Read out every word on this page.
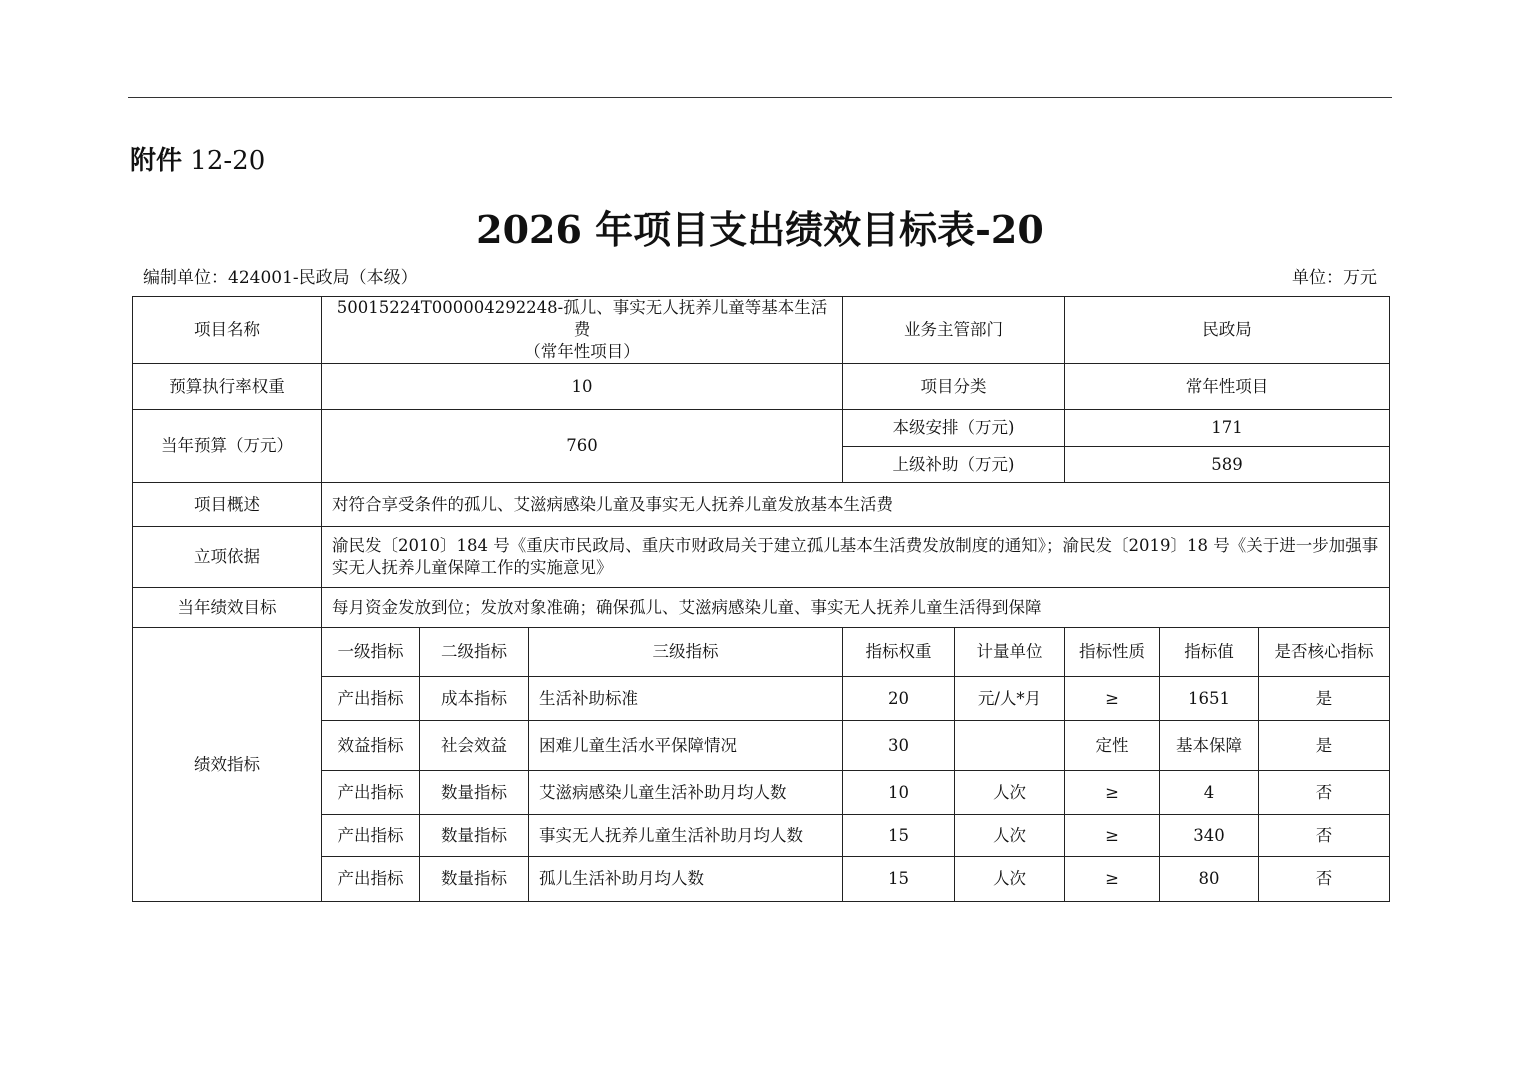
附件 12-20
2026 年项目支出绩效目标表-20
编制单位：424001-民政局（本级）	单位：万元
项目名称	50015224T000004292248-孤儿、事实无人抚养儿童等基本生活费
（常年性项目）			业务主管部门		民政局		
预算执行率权重	10			项目分类		常年性项目		
当年预算（万元）	760			本级安排（万元)		171		
				上级补助（万元)		589		
项目概述	对符合享受条件的孤儿、艾滋病感染儿童及事实无人抚养儿童发放基本生活费							
立项依据	渝民发〔2010〕184 号《重庆市民政局、重庆市财政局关于建立孤儿基本生活费发放制度的通知》；渝民发〔2019〕18 号《关于进一步加强事实无人抚养儿童保障工作的实施意见》							
当年绩效目标	每月资金发放到位；发放对象准确；确保孤儿、艾滋病感染儿童、事实无人抚养儿童生活得到保障							
绩效指标	一级指标	二级指标	三级指标	指标权重	计量单位	指标性质	指标值	是否核心指标
	产出指标	成本指标	生活补助标准	20	元/人*月	≥	1651	是
	效益指标	社会效益	困难儿童生活水平保障情况	30		定性	基本保障	是
	产出指标	数量指标	艾滋病感染儿童生活补助月均人数	10	人次	≥	4	否
	产出指标	数量指标	事实无人抚养儿童生活补助月均人数	15	人次	≥	340	否
	产出指标	数量指标	孤儿生活补助月均人数	15	人次	≥	80	否
